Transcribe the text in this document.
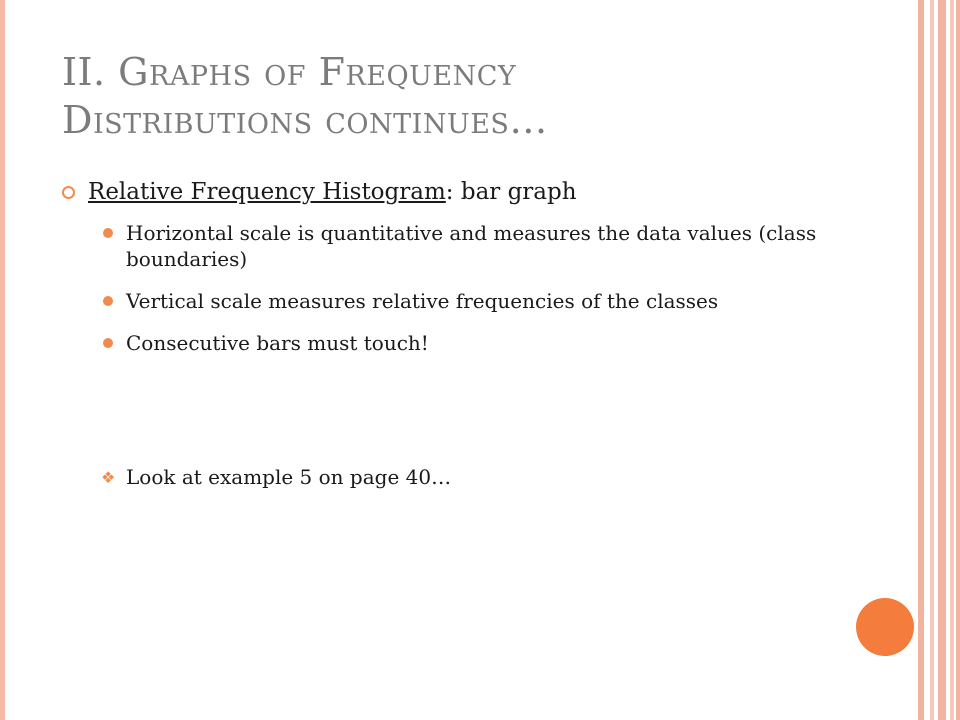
II. Graphs of Frequency
Distributions continues…
Relative Frequency Histogram: bar graph
Horizontal scale is quantitative and measures the data values (class boundaries)
Vertical scale measures relative frequencies of the classes
Consecutive bars must touch!
❖ Look at example 5 on page 40…
